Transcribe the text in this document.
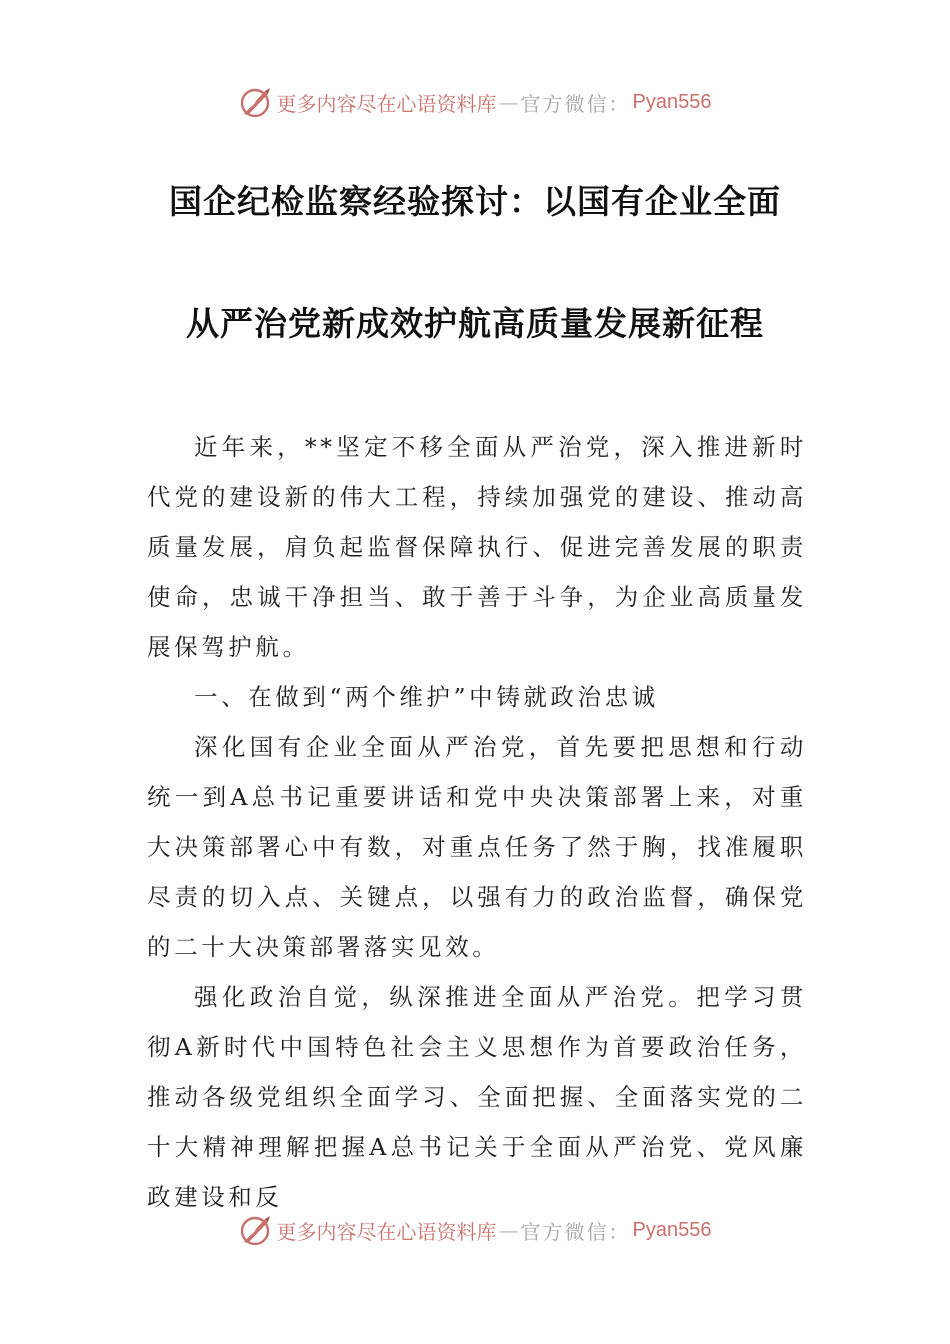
更多内容尽在心语资料库 — 官方微信： Pyan556
国企纪检监察经验探讨：以国有企业全面
从严治党新成效护航高质量发展新征程

近年来，**坚定不移全面从严治党，深入推进新时代党的建设新的伟大工程，持续加强党的建设、推动高质量发展，肩负起监督保障执行、促进完善发展的职责使命，忠诚干净担当、敢于善于斗争，为企业高质量发展保驾护航。

一、在做到“两个维护”中铸就政治忠诚

深化国有企业全面从严治党，首先要把思想和行动统一到A总书记重要讲话和党中央决策部署上来，对重大决策部署心中有数，对重点任务了然于胸，找准履职尽责的切入点、关键点，以强有力的政治监督，确保党的二十大决策部署落实见效。

强化政治自觉，纵深推进全面从严治党。把学习贯彻A新时代中国特色社会主义思想作为首要政治任务，推动各级党组织全面学习、全面把握、全面落实党的二十大精神理解把握A总书记关于全面从严治党、党风廉政建设和反

更多内容尽在心语资料库 — 官方微信： Pyan556
